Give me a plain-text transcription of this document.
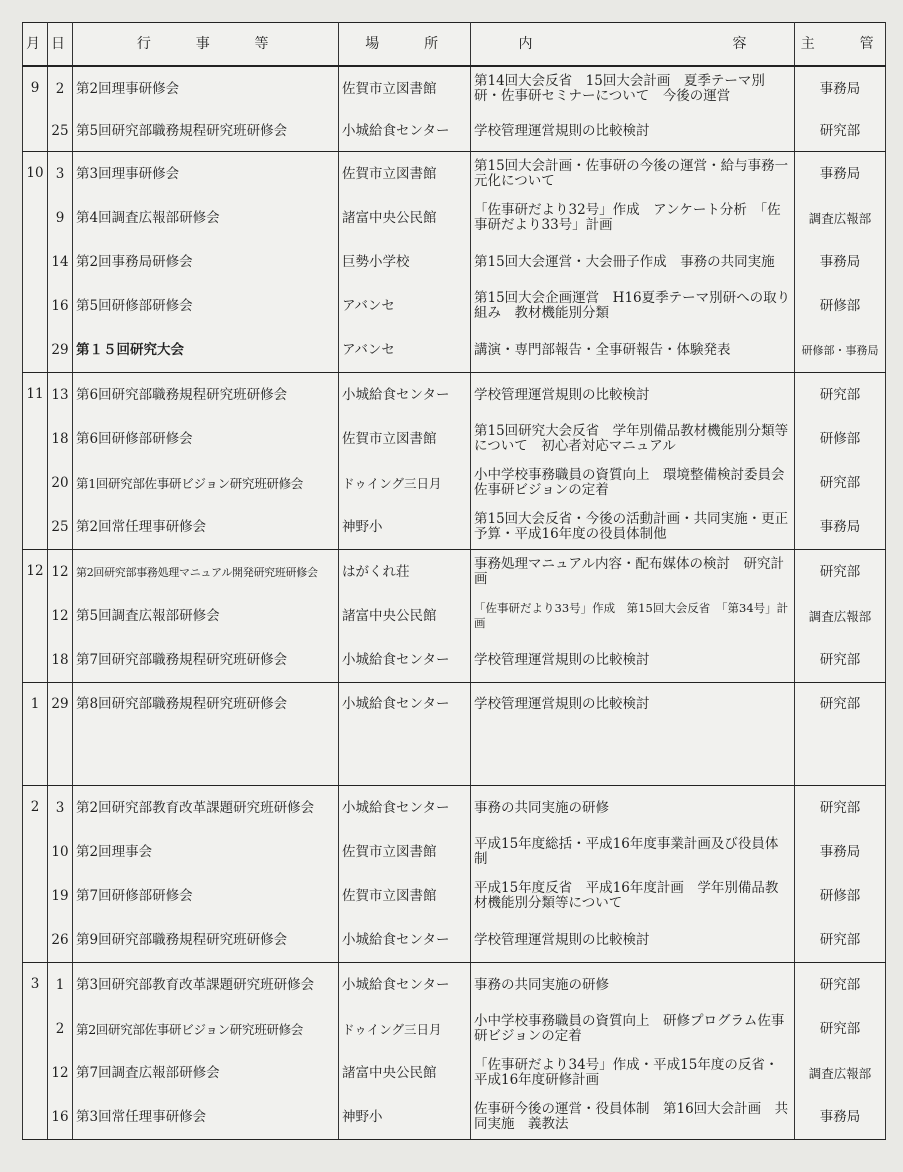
月	日	行　　事　　等	場　　所	内 容	主　　管
9	2	第2回理事研修会	佐賀市立図書館	第14回大会反省　15回大会計画　夏季テーマ別研・佐事研セミナーについて　今後の運営	事務局
	25	第5回研究部職務規程研究班研修会	小城給食センター	学校管理運営規則の比較検討	研究部
10	3	第3回理事研修会	佐賀市立図書館	第15回大会計画・佐事研の今後の運営・給与事務一元化について	事務局
	9	第4回調査広報部研修会	諸富中央公民館	「佐事研だより32号」作成　アンケート分析　「佐事研だより33号」計画	調査広報部
	14	第2回事務局研修会	巨勢小学校	第15回大会運営・大会冊子作成　事務の共同実施	事務局
	16	第5回研修部研修会	アバンセ	第15回大会企画運営　H16夏季テーマ別研への取り組み　教材機能別分類	研修部
	29	第１５回研究大会	アバンセ	講演・専門部報告・全事研報告・体験発表	研修部・事務局
11	13	第6回研究部職務規程研究班研修会	小城給食センター	学校管理運営規則の比較検討	研究部
	18	第6回研修部研修会	佐賀市立図書館	第15回研究大会反省　学年別備品教材機能別分類等について　初心者対応マニュアル	研修部
	20	第1回研究部佐事研ビジョン研究班研修会	ドゥイング三日月	小中学校事務職員の資質向上　環境整備検討委員会　佐事研ビジョンの定着	研究部
	25	第2回常任理事研修会	神野小	第15回大会反省・今後の活動計画・共同実施・更正予算・平成16年度の役員体制他	事務局
12	12	第2回研究部事務処理マニュアル開発研究班研修会	はがくれ荘	事務処理マニュアル内容・配布媒体の検討　研究計画	研究部
	12	第5回調査広報部研修会	諸富中央公民館	「佐事研だより33号」作成　第15回大会反省　「第34号」計画	調査広報部
	18	第7回研究部職務規程研究班研修会	小城給食センター	学校管理運営規則の比較検討	研究部
1	29	第8回研究部職務規程研究班研修会	小城給食センター	学校管理運営規則の比較検討	研究部
2	3	第2回研究部教育改革課題研究班研修会	小城給食センター	事務の共同実施の研修	研究部
	10	第2回理事会	佐賀市立図書館	平成15年度総括・平成16年度事業計画及び役員体制	事務局
	19	第7回研修部研修会	佐賀市立図書館	平成15年度反省　平成16年度計画　学年別備品教材機能別分類等について	研修部
	26	第9回研究部職務規程研究班研修会	小城給食センター	学校管理運営規則の比較検討	研究部
3	1	第3回研究部教育改革課題研究班研修会	小城給食センター	事務の共同実施の研修	研究部
	2	第2回研究部佐事研ビジョン研究班研修会	ドゥイング三日月	小中学校事務職員の資質向上　研修プログラム佐事研ビジョンの定着	研究部
	12	第7回調査広報部研修会	諸富中央公民館	「佐事研だより34号」作成・平成15年度の反省・平成16年度研修計画	調査広報部
	16	第3回常任理事研修会	神野小	佐事研今後の運営・役員体制　第16回大会計画　共同実施　義教法	事務局
